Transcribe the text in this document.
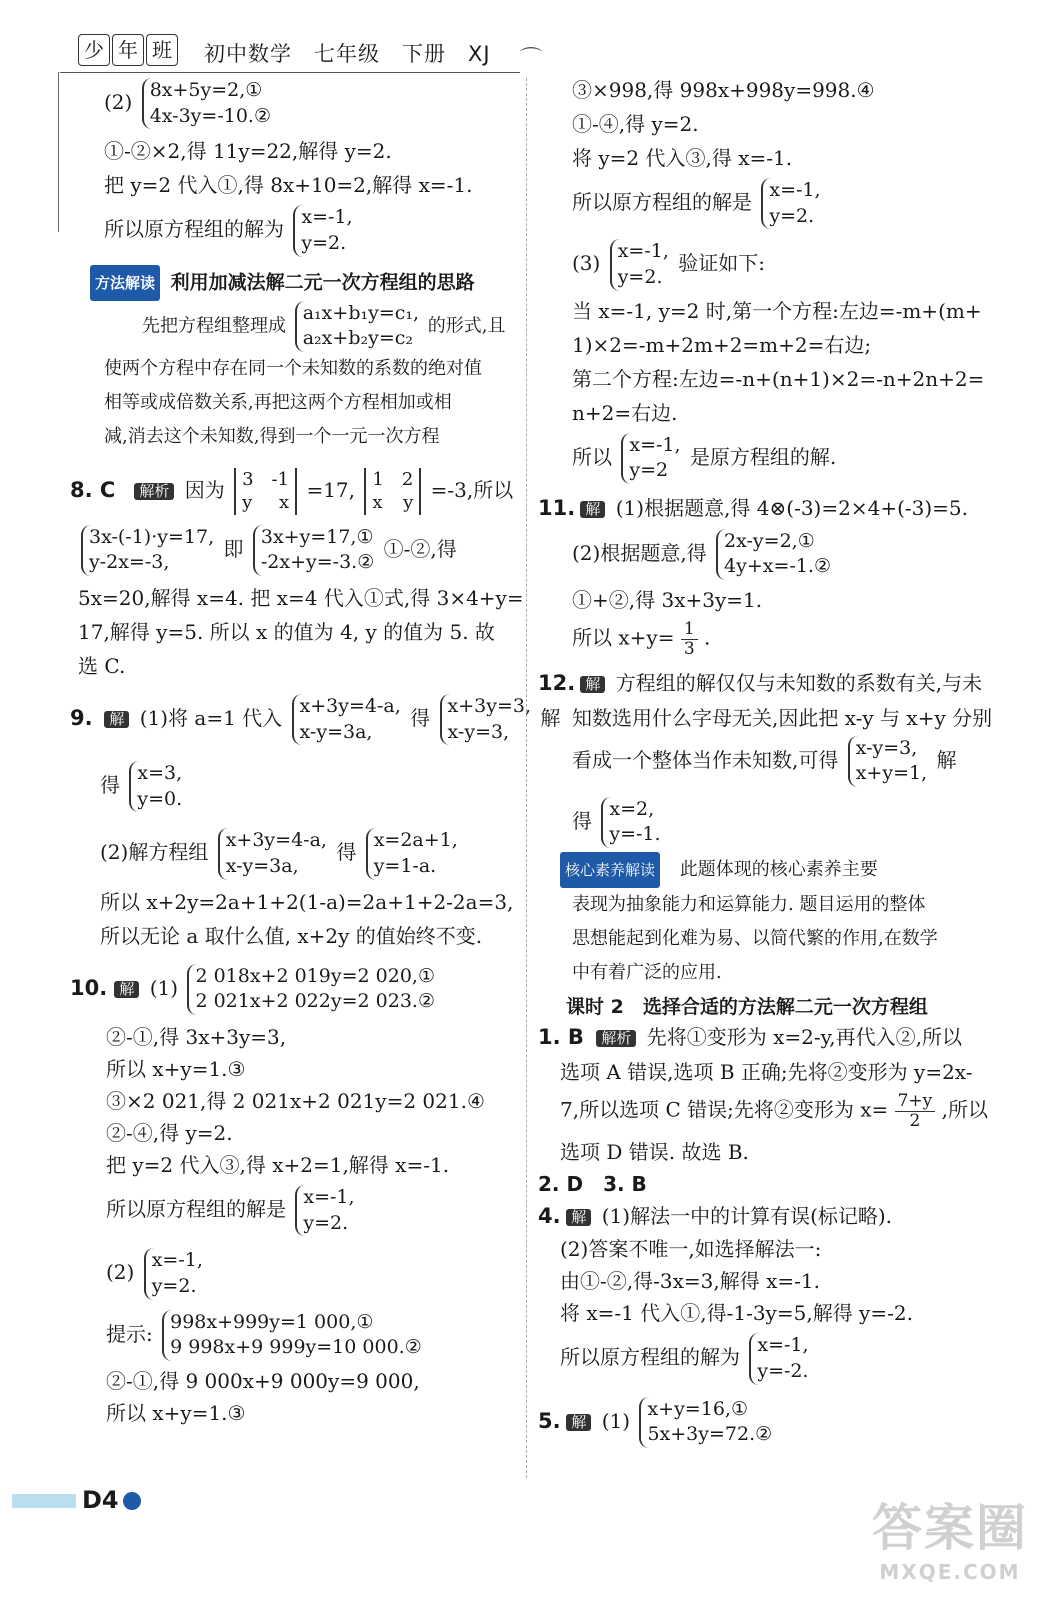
少 年 班 初中数学　七年级　下册　XJ ⌒
(2)
8x+5y=2,①
4x-3y=-10.②
①-②×2,得 11y=22,解得 y=2.
把 y=2 代入①,得 8x+10=2,解得 x=-1.
所以原方程组的解为
x=-1,
y=2.
方法解读 利用加减法解二元一次方程组的思路
先把方程组整理成
a₁x+b₁y=c₁,
a₂x+b₂y=c₂
的形式,且
使两个方程中存在同一个未知数的系数的绝对值
相等或成倍数关系,再把这两个方程相加或相
减,消去这个未知数,得到一个一元一次方程
8. C 解析 因为 3 -1
y x
=17, 1 2
x y
=-3,所以
3x-(-1)·y=17,
y-2x=-3,
即
3x+y=17,①
-2x+y=-3.②
①-②,得
5x=20,解得 x=4. 把 x=4 代入①式,得 3×4+y=
17,解得 y=5. 所以 x 的值为 4, y 的值为 5. 故
选 C.
9. 解 (1)将 a=1 代入
x+3y=4-a,
x-y=3a,
得
x+3y=3,
x-y=3,
解
得
x=3,
y=0.
(2)解方程组
x+3y=4-a,
x-y=3a,
得
x=2a+1,
y=1-a.
所以 x+2y=2a+1+2(1-a)=2a+1+2-2a=3,
所以无论 a 取什么值, x+2y 的值始终不变.
10. 解 (1)
2 018x+2 019y=2 020,①
2 021x+2 022y=2 023.②
②-①,得 3x+3y=3,
所以 x+y=1.③
③×2 021,得 2 021x+2 021y=2 021.④
②-④,得 y=2.
把 y=2 代入③,得 x+2=1,解得 x=-1.
所以原方程组的解是
x=-1,
y=2.
(2)
x=-1,
y=2.
提示:
998x+999y=1 000,①
9 998x+9 999y=10 000.②
②-①,得 9 000x+9 000y=9 000,
所以 x+y=1.③
③×998,得 998x+998y=998.④
①-④,得 y=2.
将 y=2 代入③,得 x=-1.
所以原方程组的解是
x=-1,
y=2.
(3)
x=-1,
y=2.
验证如下:
当 x=-1, y=2 时,第一个方程:左边=-m+(m+
1)×2=-m+2m+2=m+2=右边;
第二个方程:左边=-n+(n+1)×2=-n+2n+2=
n+2=右边.
所以
x=-1,
y=2
是原方程组的解.
11. 解 (1)根据题意,得 4⊗(-3)=2×4+(-3)=5.
(2)根据题意,得
2x-y=2,①
4y+x=-1.②
①+②,得 3x+3y=1.
所以 $x+y= \frac{1}{3}$ .
12. 解 方程组的解仅仅与未知数的系数有关,与未
知数选用什么字母无关,因此把 x-y 与 x+y 分别
看成一个整体当作未知数,可得
x-y=3,
x+y=1,
解
得
x=2,
y=-1.
核心素养解读 此题体现的核心素养主要
表现为抽象能力和运算能力. 题目运用的整体
思想能起到化难为易、以简代繁的作用,在数学
中有着广泛的应用.
课时 2　选择合适的方法解二元一次方程组
1. B 解析 先将①变形为 x=2-y,再代入②,所以
选项 A 错误,选项 B 正确;先将②变形为 y=2x-
7,所以选项 C 错误;先将②变形为 $x= \frac{7+y}{2}$ ,所以
选项 D 错误. 故选 B.
2. D　3. B
4. 解 (1)解法一中的计算有误(标记略).
(2)答案不唯一,如选择解法一:
由①-②,得-3x=3,解得 x=-1.
将 x=-1 代入①,得-1-3y=5,解得 y=-2.
所以原方程组的解为
x=-1,
y=-2.
5. 解 (1)
x+y=16,①
5x+3y=72.②
D4	答案圈
MXQE.COM
